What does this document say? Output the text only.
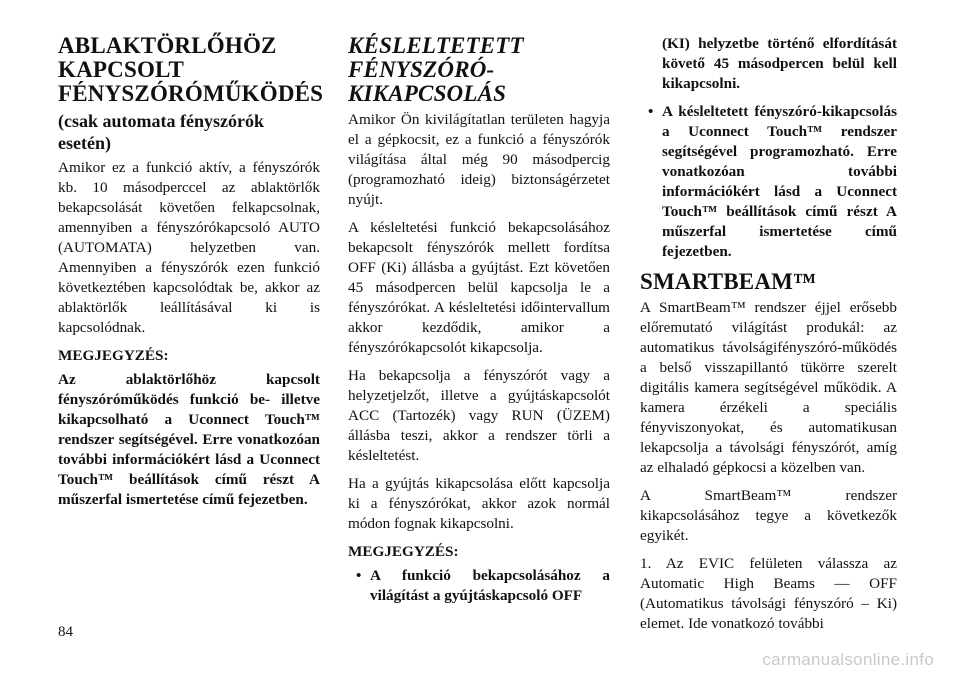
ABLAKTÖRLŐHÖZ KAPCSOLT FÉNYSZÓRÓMŰKÖDÉS
(csak automata fényszórók esetén)

Amikor ez a funkció aktív, a fényszórók kb. 10 másodperccel az ablaktörlők bekapcsolását követően felkapcsolnak, amennyiben a fényszórókapcsoló AUTO (AUTOMATA) helyzetben van. Amennyiben a fényszórók ezen funkció következtében kapcsolódtak be, akkor az ablaktörlők leállításával ki is kapcsolódnak.

MEGJEGYZÉS:

Az ablaktörlőhöz kapcsolt fényszóróműködés funkció be- illetve kikapcsolható a Uconnect Touch™ rendszer segítségével. Erre vonatkozóan további információkért lásd a Uconnect Touch™ beállítások című részt A műszerfal ismertetése című fejezetben.

KÉSLELTETETT FÉNYSZÓRÓ-KIKAPCSOLÁS

Amikor Ön kivilágítatlan területen hagyja el a gépkocsit, ez a funkció a fényszórók világítása által még 90 másodpercig (programozható ideig) biztonságérzetet nyújt.

A késleltetési funkció bekapcsolásához bekapcsolt fényszórók mellett fordítsa OFF (Ki) állásba a gyújtást. Ezt követően 45 másodpercen belül kapcsolja le a fényszórókat. A késleltetési időintervallum akkor kezdődik, amikor a fényszórókapcsolót kikapcsolja.

Ha bekapcsolja a fényszórót vagy a helyzetjelzőt, illetve a gyújtáskapcsolót ACC (Tartozék) vagy RUN (ÜZEM) állásba teszi, akkor a rendszer törli a késleltetést.

Ha a gyújtás kikapcsolása előtt kapcsolja ki a fényszórókat, akkor azok normál módon fognak kikapcsolni.

MEGJEGYZÉS:

• A funkció bekapcsolásához a világítást a gyújtáskapcsoló OFF
(KI) helyzetbe történő elfordítását követő 45 másodpercen belül kell kikapcsolni.
• A késleltetett fényszóró-kikapcsolás a Uconnect Touch™ rendszer segítségével programozható. Erre vonatkozóan további információkért lásd a Uconnect Touch™ beállítások című részt A műszerfal ismertetése című fejezetben.
SMARTBEAM™

A SmartBeam™ rendszer éjjel erősebb előremutató világítást produkál: az automatikus távolságifényszóró-működés a belső visszapillantó tükörre szerelt digitális kamera segítségével működik. A kamera érzékeli a speciális fényviszonyokat, és automatikusan lekapcsolja a távolsági fényszórót, amíg az elhaladó gépkocsi a közelben van.

A SmartBeam™ rendszer kikapcsolásához tegye a következők egyikét.

1. Az EVIC felületen válassza az Automatic High Beams — OFF (Automatikus távolsági fényszóró – Ki) elemet. Ide vonatkozó további

84
carmanualsonline.info
